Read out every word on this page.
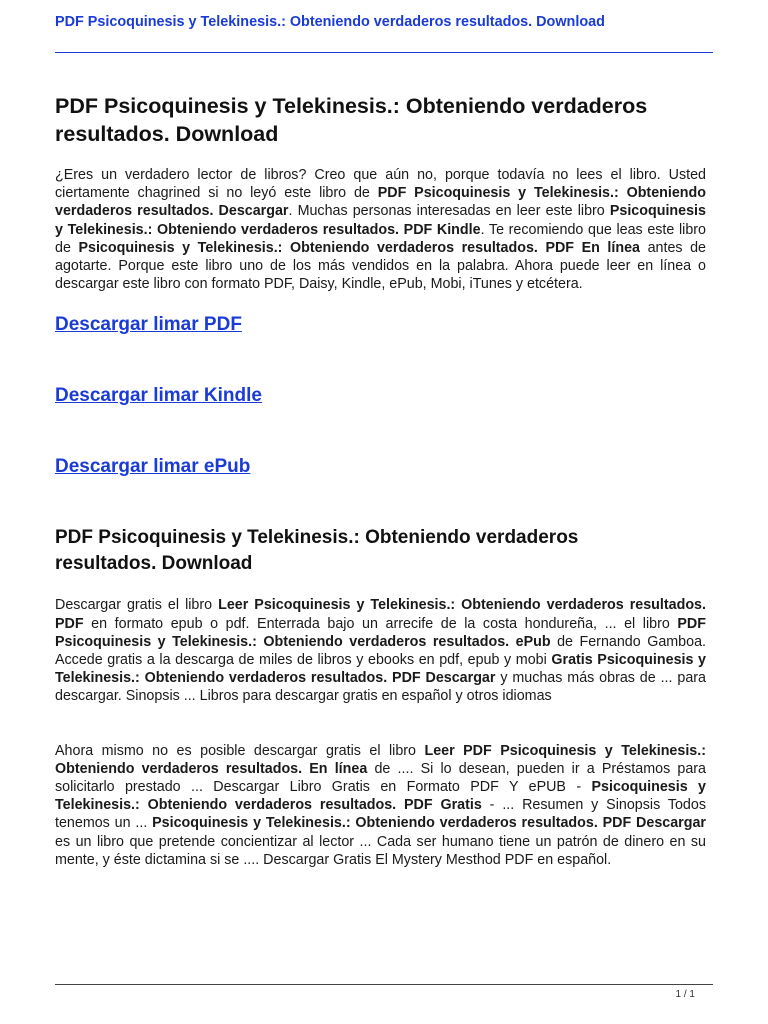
PDF Psicoquinesis y Telekinesis.: Obteniendo verdaderos resultados. Download
PDF Psicoquinesis y Telekinesis.: Obteniendo verdaderos
resultados. Download

¿Eres un verdadero lector de libros? Creo que aún no, porque todavía no lees el libro. Usted ciertamente chagrined si no leyó este libro de PDF Psicoquinesis y Telekinesis.: Obteniendo verdaderos resultados. Descargar. Muchas personas interesadas en leer este libro Psicoquinesis y Telekinesis.: Obteniendo verdaderos resultados. PDF Kindle. Te recomiendo que leas este libro de Psicoquinesis y Telekinesis.: Obteniendo verdaderos resultados. PDF En línea antes de agotarte. Porque este libro uno de los más vendidos en la palabra. Ahora puede leer en línea o descargar este libro con formato PDF, Daisy, Kindle, ePub, Mobi, iTunes y etcétera.

Descargar limar PDF
Descargar limar Kindle
Descargar limar ePub
PDF Psicoquinesis y Telekinesis.: Obteniendo verdaderos
resultados. Download

Descargar gratis el libro Leer Psicoquinesis y Telekinesis.: Obteniendo verdaderos resultados. PDF en formato epub o pdf. Enterrada bajo un arrecife de la costa hondureña, ... el libro PDF Psicoquinesis y Telekinesis.: Obteniendo verdaderos resultados. ePub de Fernando Gamboa. Accede gratis a la descarga de miles de libros y ebooks en pdf, epub y mobi Gratis Psicoquinesis y Telekinesis.: Obteniendo verdaderos resultados. PDF Descargar y muchas más obras de ... para descargar. Sinopsis ... Libros para descargar gratis en español y otros idiomas

Ahora mismo no es posible descargar gratis el libro Leer PDF Psicoquinesis y Telekinesis.: Obteniendo verdaderos resultados. En línea de .... Si lo desean, pueden ir a Préstamos para solicitarlo prestado ... Descargar Libro Gratis en Formato PDF Y ePUB - Psicoquinesis y Telekinesis.: Obteniendo verdaderos resultados. PDF Gratis - ... Resumen y Sinopsis Todos tenemos un ... Psicoquinesis y Telekinesis.: Obteniendo verdaderos resultados. PDF Descargar es un libro que pretende concientizar al lector ... Cada ser humano tiene un patrón de dinero en su mente, y éste dictamina si se .... Descargar Gratis El Mystery Mesthod PDF en español.

1 / 1
